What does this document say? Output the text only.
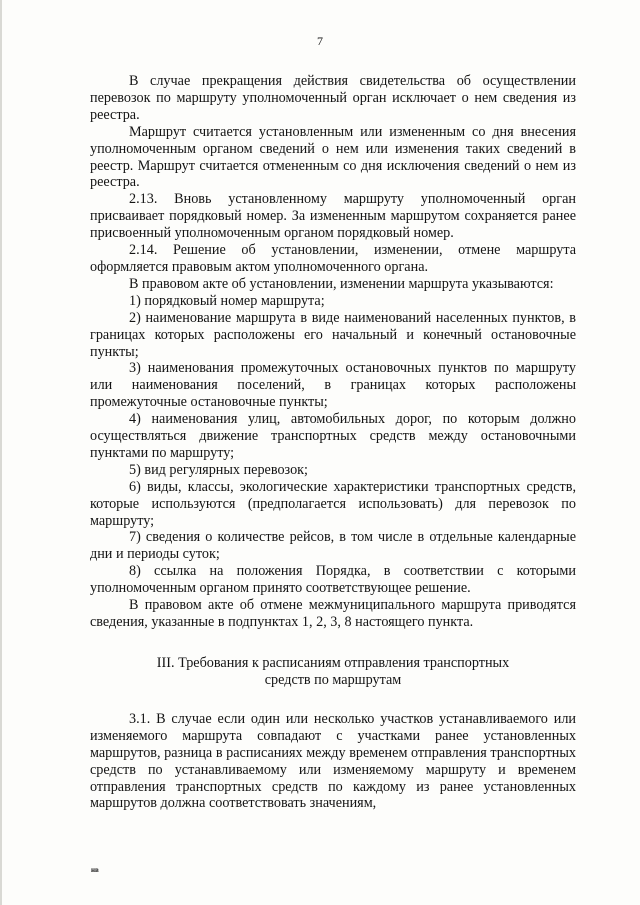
7

В случае прекращения действия свидетельства об осуществлении перевозок по маршруту уполномоченный орган исключает о нем сведения из реестра.

Маршрут считается установленным или измененным со дня внесения уполномоченным органом сведений о нем или изменения таких сведений в реестр. Маршрут считается отмененным со дня исключения сведений о нем из реестра.

2.13. Вновь установленному маршруту уполномоченный орган присваивает порядковый номер. За измененным маршрутом сохраняется ранее присвоенный уполномоченным органом порядковый номер.

2.14. Решение об установлении, изменении, отмене маршрута оформляется правовым актом уполномоченного органа.

В правовом акте об установлении, изменении маршрута указываются:

1) порядковый номер маршрута;

2) наименование маршрута в виде наименований населенных пунктов, в границах которых расположены его начальный и конечный остановочные пункты;

3) наименования промежуточных остановочных пунктов по маршруту или наименования поселений, в границах которых расположены промежуточные остановочные пункты;

4) наименования улиц, автомобильных дорог, по которым должно осуществляться движение транспортных средств между остановочными пунктами по маршруту;

5) вид регулярных перевозок;

6) виды, классы, экологические характеристики транспортных средств, которые используются (предполагается использовать) для перевозок по маршруту;

7) сведения о количестве рейсов, в том числе в отдельные календарные дни и периоды суток;

8) ссылка на положения Порядка, в соответствии с которыми уполномоченным органом принято соответствующее решение.

В правовом акте об отмене межмуниципального маршрута приводятся сведения, указанные в подпунктах 1, 2, 3, 8 настоящего пункта.

III. Требования к расписаниям отправления транспортных
средств по маршрутам

3.1. В случае если один или несколько участков устанавливаемого или изменяемого маршрута совпадают с участками ранее установленных маршрутов, разница в расписаниях между временем отправления транспортных средств по устанавливаемому или изменяемому маршруту и временем отправления транспортных средств по каждому из ранее установленных маршрутов должна соответствовать значениям,

нв
